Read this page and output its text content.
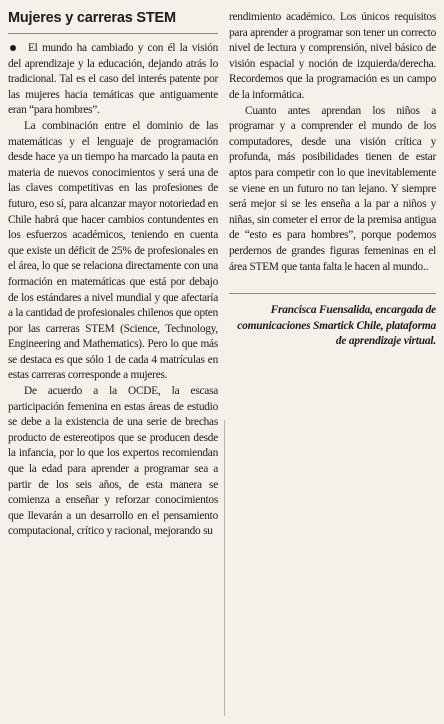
Mujeres y carreras STEM

El mundo ha cambiado y con él la visión del aprendizaje y la educación, dejando atrás lo tradicional. Tal es el caso del interés patente por las mujeres hacia temáticas que antiguamente eran “para hombres”.

La combinación entre el dominio de las matemáticas y el lenguaje de programación desde hace ya un tiempo ha marcado la pauta en materia de nuevos conocimientos y será una de las claves competitivas en las profesiones de futuro, eso sí, para alcanzar mayor notoriedad en Chile habrá que hacer cambios contundentes en los esfuerzos académicos, teniendo en cuenta que existe un déficit de 25% de profesionales en el área, lo que se relaciona directamente con una formación en matemáticas que está por debajo de los estándares a nivel mundial y que afectaría a la cantidad de profesionales chilenos que opten por las carreras STEM (Science, Technology, Engineering and Mathematics). Pero lo que más se destaca es que sólo 1 de cada 4 matrículas en estas carreras corresponde a mujeres.

De acuerdo a la OCDE, la escasa participación femenina en estas áreas de estudio se debe a la existencia de una serie de brechas producto de estereotipos que se producen desde la infancia, por lo que los expertos recomiendan que la edad para aprender a programar sea a partir de los seis años, de esta manera se comienza a enseñar y reforzar conocimientos que llevarán a un desarrollo en el pensamiento computacional, crítico y racional, mejorando su

rendimiento académico. Los únicos requisitos para aprender a programar son tener un correcto nivel de lectura y comprensión, nivel básico de visión espacial y noción de izquierda/derecha. Recordemos que la programación es un campo de la informática.

Cuanto antes aprendan los niños a programar y a comprender el mundo de los computadores, desde una visión crítica y profunda, más posibilidades tienen de estar aptos para competir con lo que inevitablemente se viene en un futuro no tan lejano. Y siempre será mejor si se les enseña a la par a niños y niñas, sin cometer el error de la premisa antigua de “esto es para hombres”, porque podemos perdernos de grandes figuras femeninas en el área STEM que tanta falta le hacen al mundo..

Francisca Fuensalida, encargada de comunicaciones Smartick Chile, plataforma de aprendizaje virtual.
